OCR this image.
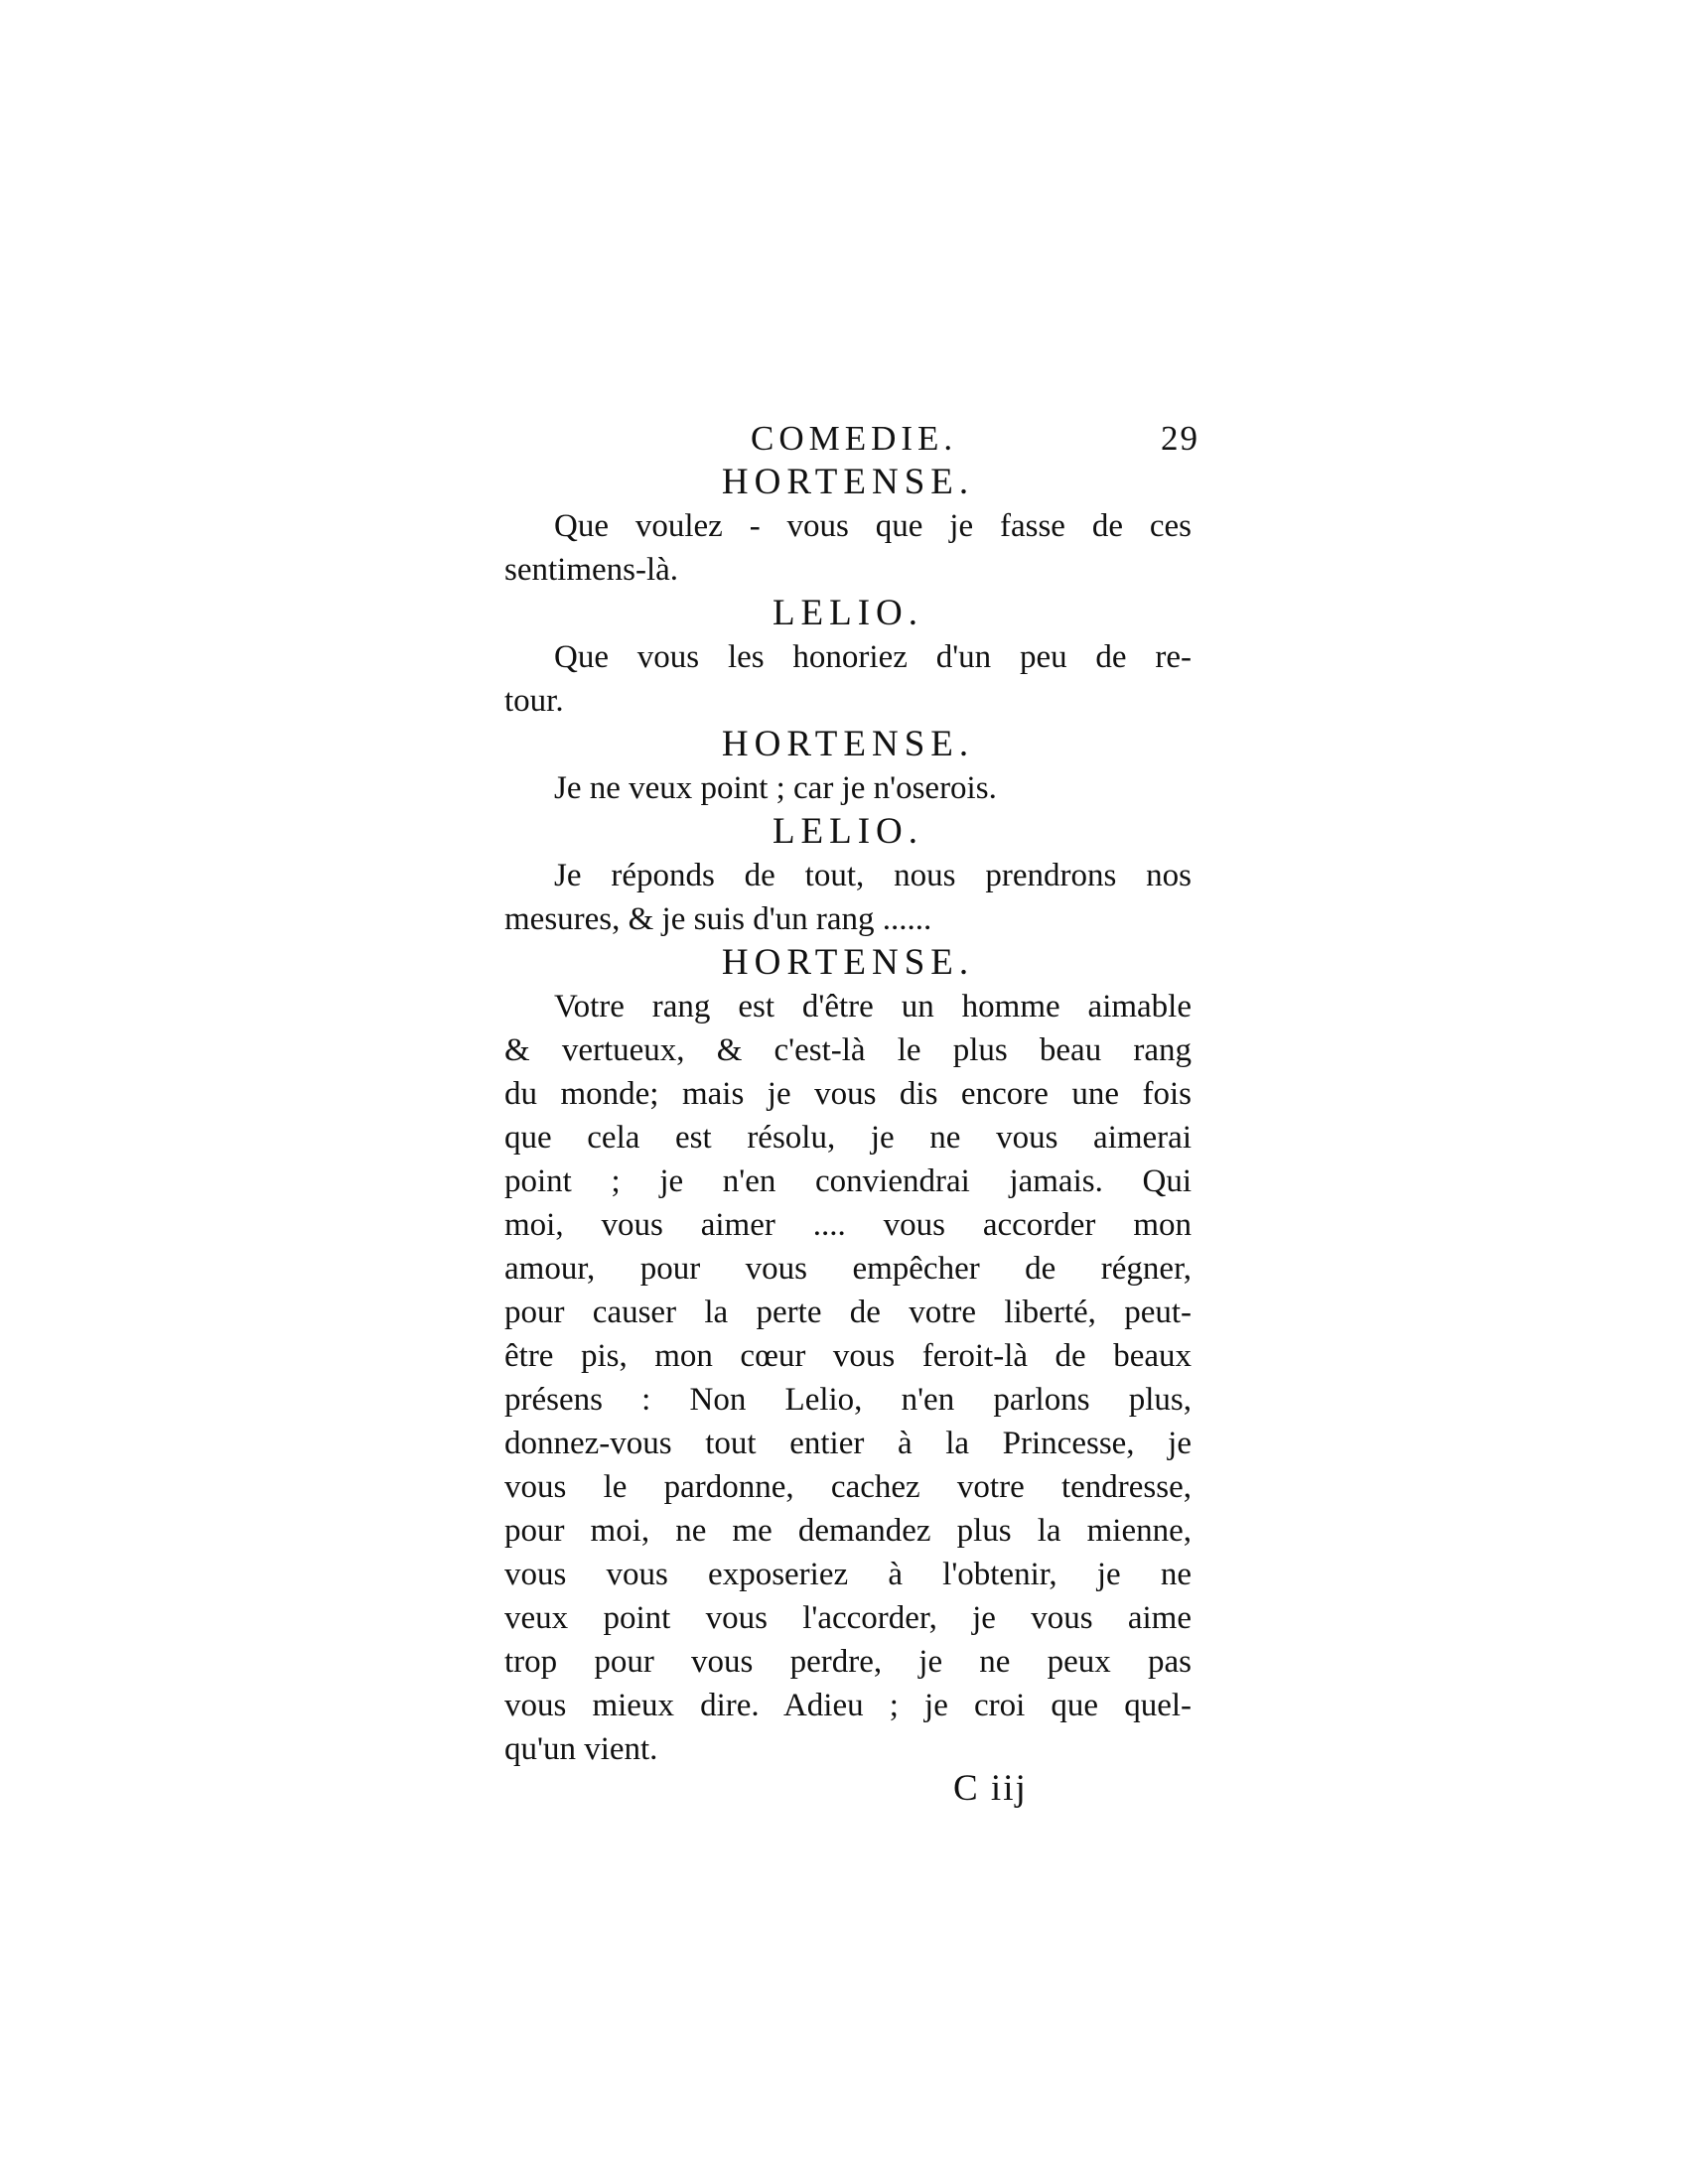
COMEDIE.	29
HORTENSE.
Que voulez - vous que je fasse de ces
sentimens-là.
LELIO.
Que vous les honoriez d'un peu de re-
tour.
HORTENSE.
Je ne veux point ; car je n'oserois.
LELIO.
Je réponds de tout, nous prendrons nos
mesures, & je suis d'un rang ......
HORTENSE.
Votre rang est d'être un homme aimable
& vertueux, & c'est-là le plus beau rang
du monde; mais je vous dis encore une fois
que cela est résolu, je ne vous aimerai
point ; je n'en conviendrai jamais. Qui
moi, vous aimer .... vous accorder mon
amour, pour vous empêcher de régner,
pour causer la perte de votre liberté, peut-
être pis, mon cœur vous feroit-là de beaux
présens : Non Lelio, n'en parlons plus,
donnez-vous tout entier à la Princesse, je
vous le pardonne, cachez votre tendresse,
pour moi, ne me demandez plus la mienne,
vous vous exposeriez à l'obtenir, je ne
veux point vous l'accorder, je vous aime
trop pour vous perdre, je ne peux pas
vous mieux dire. Adieu ; je croi que quel-
qu'un vient.
C iij
